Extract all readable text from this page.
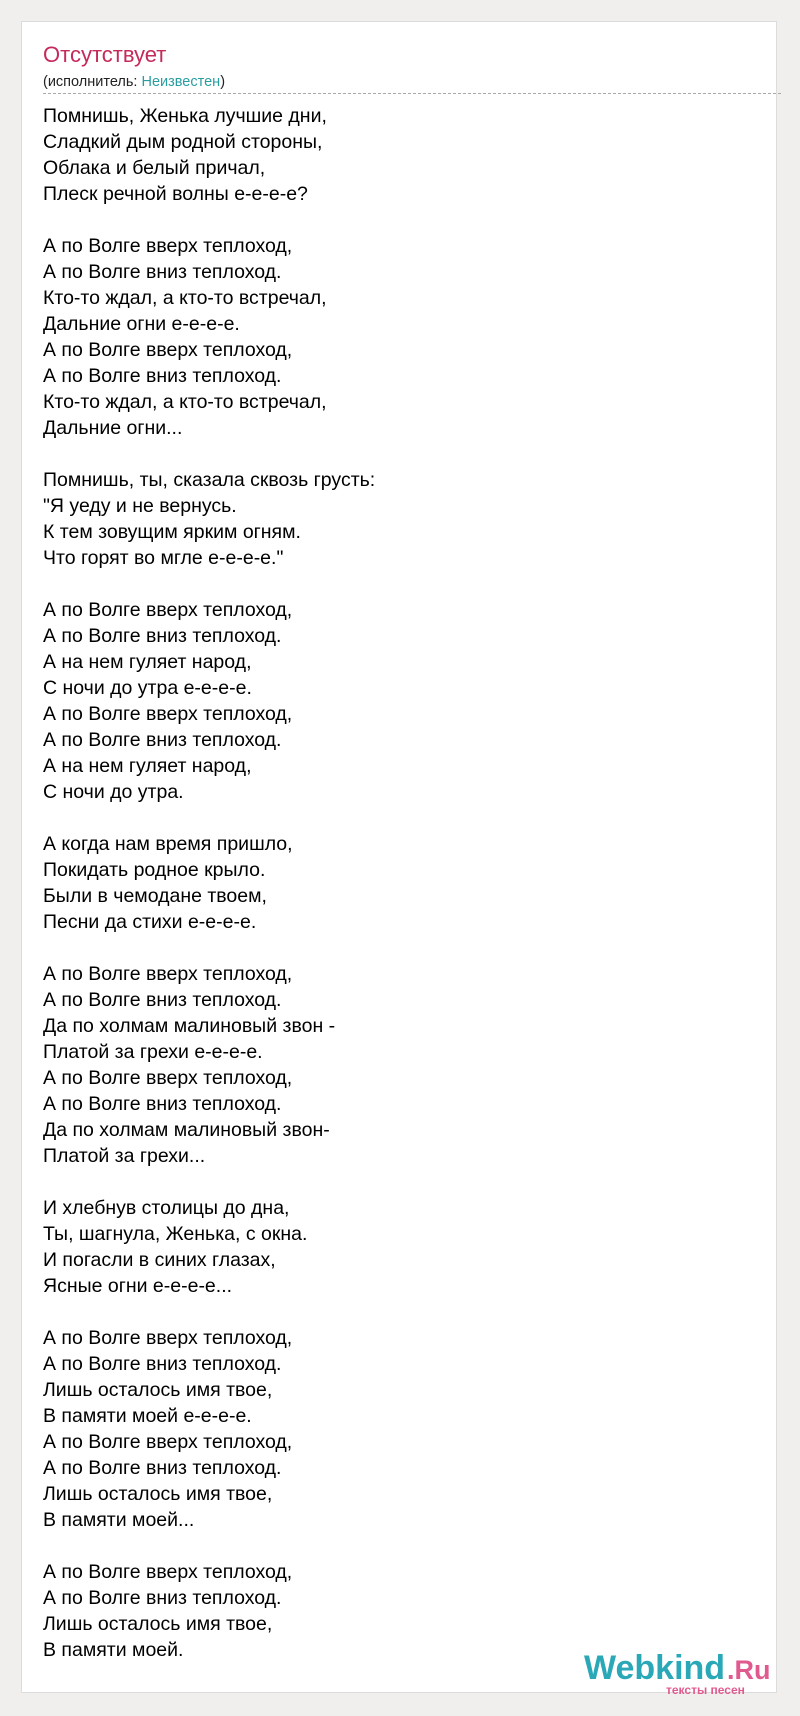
Отсутствует
(исполнитель: Неизвестен)
Помнишь, Женька лучшие дни,
Сладкий дым родной стороны,
Облака и белый причал,
Плеск речной волны е-е-е-е?
А по Волге вверх теплоход,
А по Волге вниз теплоход.
Кто-то ждал, а кто-то встречал,
Дальние огни е-е-е-е.
А по Волге вверх теплоход,
А по Волге вниз теплоход.
Кто-то ждал, а кто-то встречал,
Дальние огни...
Помнишь, ты, сказала сквозь грусть:
"Я уеду и не вернусь.
К тем зовущим ярким огням.
Что горят во мгле е-е-е-е."
А по Волге вверх теплоход,
А по Волге вниз теплоход.
А на нем гуляет народ,
С ночи до утра е-е-е-е.
А по Волге вверх теплоход,
А по Волге вниз теплоход.
А на нем гуляет народ,
С ночи до утра.
А когда нам время пришло,
Покидать родное крыло.
Были в чемодане твоем,
Песни да стихи е-е-е-е.
А по Волге вверх теплоход,
А по Волге вниз теплоход.
Да по холмам малиновый звон -
Платой за грехи е-е-е-е.
А по Волге вверх теплоход,
А по Волге вниз теплоход.
Да по холмам малиновый звон-
Платой за грехи...
И хлебнув столицы до дна,
Ты, шагнула, Женька, с окна.
И погасли в синих глазах,
Ясные огни е-е-е-е...
А по Волге вверх теплоход,
А по Волге вниз теплоход.
Лишь осталось имя твое,
В памяти моей е-е-е-е.
А по Волге вверх теплоход,
А по Волге вниз теплоход.
Лишь осталось имя твое,
В памяти моей...
А по Волге вверх теплоход,
А по Волге вниз теплоход.
Лишь осталось имя твое,
В памяти моей.	Webkind.Ru
тексты песен
